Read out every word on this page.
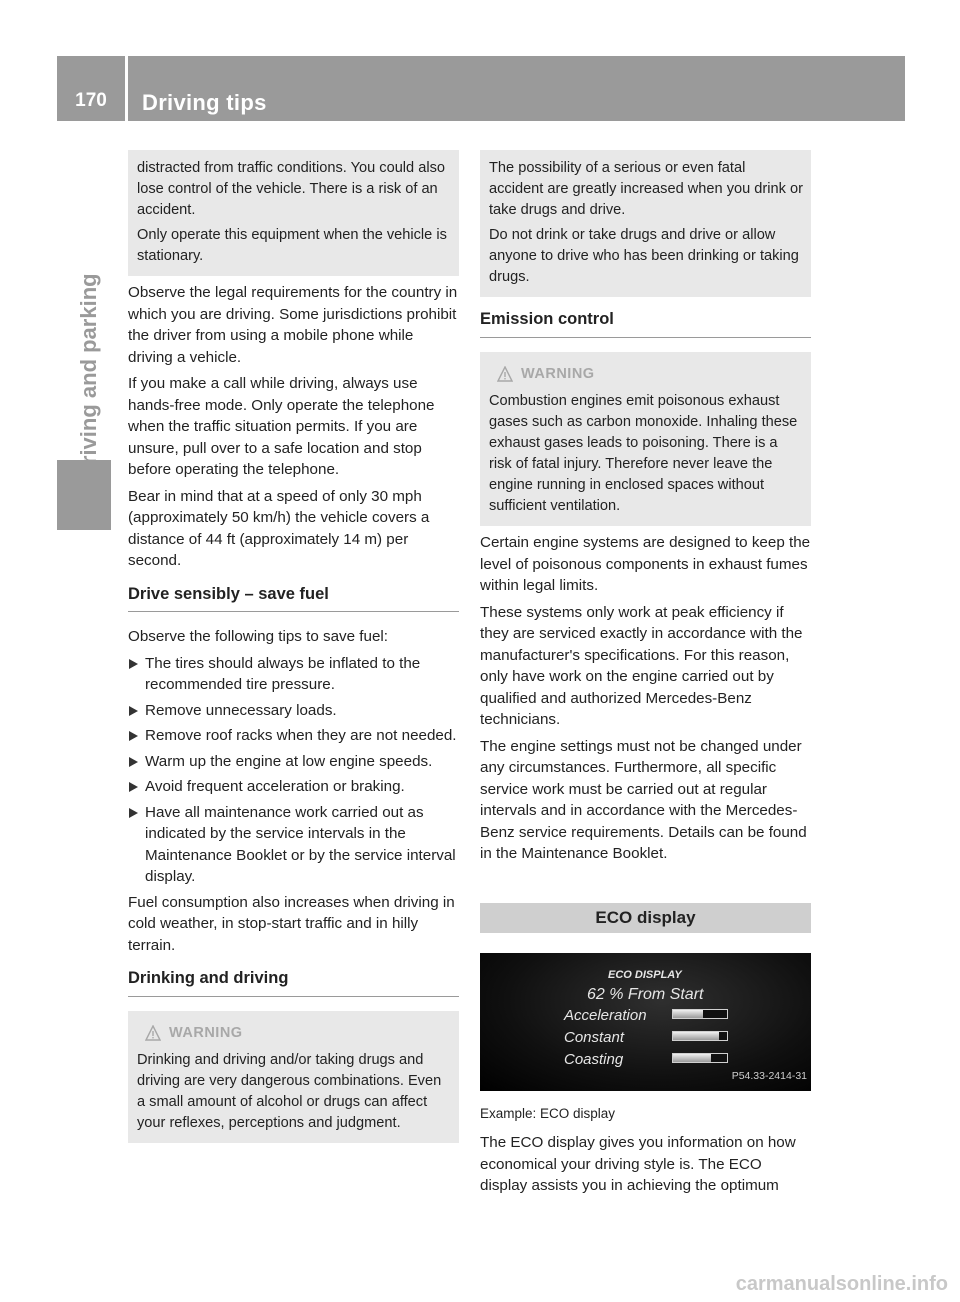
170	Driving tips

distracted from traffic conditions. You could also lose control of the vehicle. There is a risk of an accident.

Only operate this equipment when the vehicle is stationary.

Observe the legal requirements for the country in which you are driving. Some jurisdictions prohibit the driver from using a mobile phone while driving a vehicle.

If you make a call while driving, always use hands-free mode. Only operate the telephone when the traffic situation permits. If you are unsure, pull over to a safe location and stop before operating the telephone.

Bear in mind that at a speed of only 30 mph (approximately 50 km/h) the vehicle covers a distance of 44 ft (approximately 14 m) per second.

Drive sensibly – save fuel

Observe the following tips to save fuel:

The tires should always be inflated to the recommended tire pressure.
Remove unnecessary loads.
Remove roof racks when they are not needed.
Warm up the engine at low engine speeds.
Avoid frequent acceleration or braking.
Have all maintenance work carried out as indicated by the service intervals in the Maintenance Booklet or by the service interval display.

Fuel consumption also increases when driving in cold weather, in stop-start traffic and in hilly terrain.

Drinking and driving
WARNING

Drinking and driving and/or taking drugs and driving are very dangerous combinations. Even a small amount of alcohol or drugs can affect your reflexes, perceptions and judgment.

The possibility of a serious or even fatal accident are greatly increased when you drink or take drugs and drive.

Do not drink or take drugs and drive or allow anyone to drive who has been drinking or taking drugs.

Emission control
WARNING

Combustion engines emit poisonous exhaust gases such as carbon monoxide. Inhaling these exhaust gases leads to poisoning. There is a risk of fatal injury. Therefore never leave the engine running in enclosed spaces without sufficient ventilation.

Certain engine systems are designed to keep the level of poisonous components in exhaust fumes within legal limits.

These systems only work at peak efficiency if they are serviced exactly in accordance with the manufacturer's specifications. For this reason, only have work on the engine carried out by qualified and authorized Mercedes-Benz technicians.

The engine settings must not be changed under any circumstances. Furthermore, all specific service work must be carried out at regular intervals and in accordance with the Mercedes-Benz service requirements. Details can be found in the Maintenance Booklet.

ECO display
ECO DISPLAY
62 % From Start
Acceleration
Constant
Coasting
P54.33-2414-31

Example: ECO display

The ECO display gives you information on how economical your driving style is. The ECO display assists you in achieving the optimum

carmanualsonline.info
